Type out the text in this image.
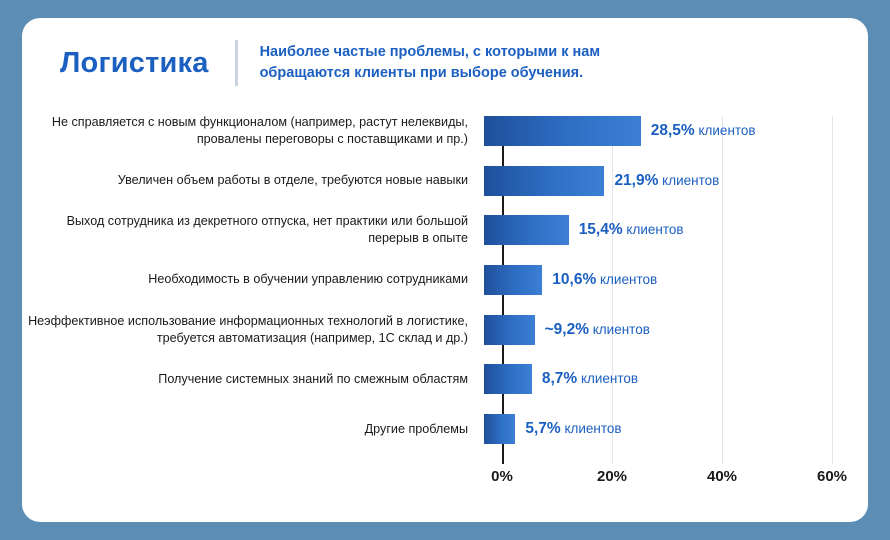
Логистика	Наиболее частые проблемы, с которыми к нам обращаются клиенты при выборе обучения.
Не справляется с новым функционалом (например, растут нелеквиды, провалены переговоры с поставщиками и пр.)	28,5% клиентов
Увеличен объем работы в отделе, требуются новые навыки	21,9% клиентов
Выход сотрудника из декретного отпуска, нет практики или большой перерыв в опыте	15,4% клиентов
Необходимость в обучении управлению сотрудниками	10,6% клиентов
Неэффективное использование информационных технологий в логистике, требуется автоматизация (например, 1С склад и др.)	~9,2% клиентов
Получение системных знаний по смежным областям	8,7% клиентов
Другие проблемы	5,7% клиентов
0%	20%	40%	60%
